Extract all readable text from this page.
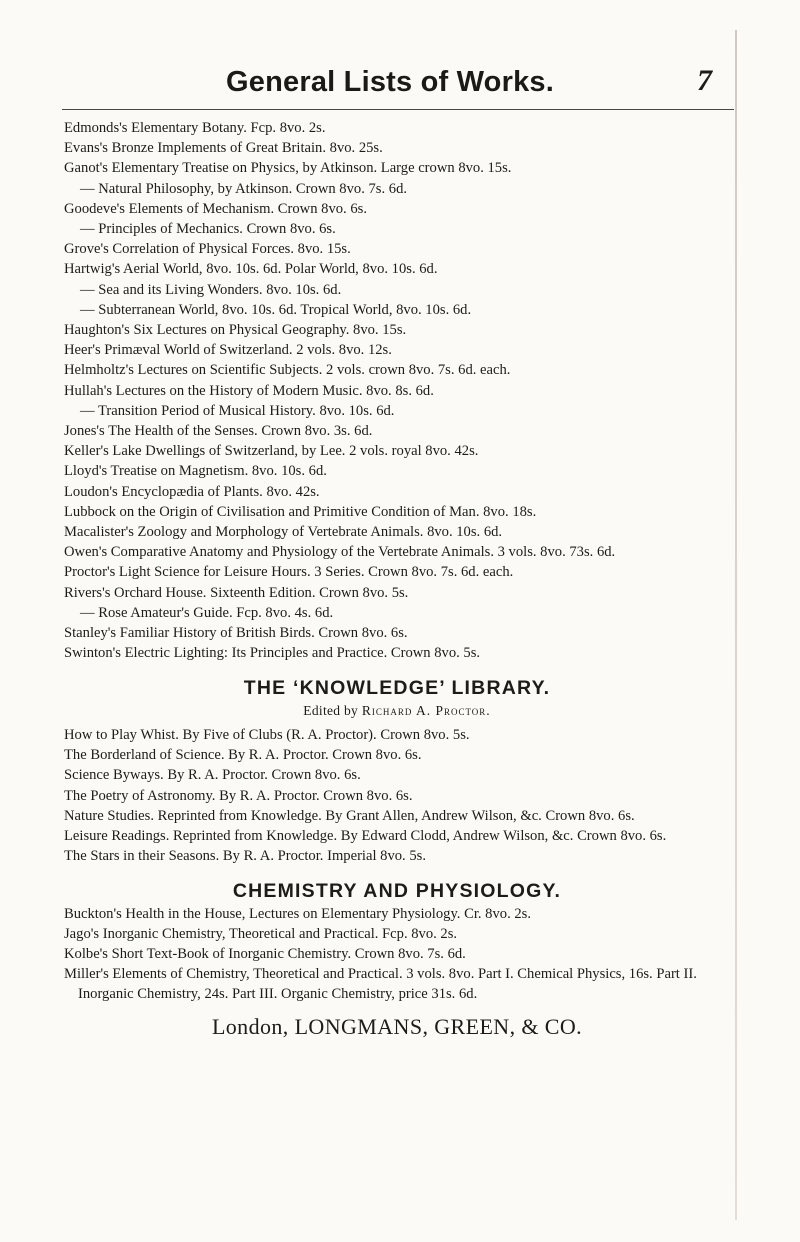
General Lists of Works.	7
Edmonds's Elementary Botany. Fcp. 8vo. 2s.
Evans's Bronze Implements of Great Britain. 8vo. 25s.
Ganot's Elementary Treatise on Physics, by Atkinson. Large crown 8vo. 15s.
— Natural Philosophy, by Atkinson. Crown 8vo. 7s. 6d.
Goodeve's Elements of Mechanism. Crown 8vo. 6s.
— Principles of Mechanics. Crown 8vo. 6s.
Grove's Correlation of Physical Forces. 8vo. 15s.
Hartwig's Aerial World, 8vo. 10s. 6d. Polar World, 8vo. 10s. 6d.
— Sea and its Living Wonders. 8vo. 10s. 6d.
— Subterranean World, 8vo. 10s. 6d. Tropical World, 8vo. 10s. 6d.
Haughton's Six Lectures on Physical Geography. 8vo. 15s.
Heer's Primæval World of Switzerland. 2 vols. 8vo. 12s.
Helmholtz's Lectures on Scientific Subjects. 2 vols. crown 8vo. 7s. 6d. each.
Hullah's Lectures on the History of Modern Music. 8vo. 8s. 6d.
— Transition Period of Musical History. 8vo. 10s. 6d.
Jones's The Health of the Senses. Crown 8vo. 3s. 6d.
Keller's Lake Dwellings of Switzerland, by Lee. 2 vols. royal 8vo. 42s.
Lloyd's Treatise on Magnetism. 8vo. 10s. 6d.
Loudon's Encyclopædia of Plants. 8vo. 42s.
Lubbock on the Origin of Civilisation and Primitive Condition of Man. 8vo. 18s.
Macalister's Zoology and Morphology of Vertebrate Animals. 8vo. 10s. 6d.
Owen's Comparative Anatomy and Physiology of the Vertebrate Animals. 3 vols. 8vo. 73s. 6d.
Proctor's Light Science for Leisure Hours. 3 Series. Crown 8vo. 7s. 6d. each.
Rivers's Orchard House. Sixteenth Edition. Crown 8vo. 5s.
— Rose Amateur's Guide. Fcp. 8vo. 4s. 6d.
Stanley's Familiar History of British Birds. Crown 8vo. 6s.
Swinton's Electric Lighting: Its Principles and Practice. Crown 8vo. 5s.
THE ‘KNOWLEDGE’ LIBRARY.
Edited by Richard A. Proctor.
How to Play Whist. By Five of Clubs (R. A. Proctor). Crown 8vo. 5s.
The Borderland of Science. By R. A. Proctor. Crown 8vo. 6s.
Science Byways. By R. A. Proctor. Crown 8vo. 6s.
The Poetry of Astronomy. By R. A. Proctor. Crown 8vo. 6s.
Nature Studies. Reprinted from Knowledge. By Grant Allen, Andrew Wilson, &c. Crown 8vo. 6s.
Leisure Readings. Reprinted from Knowledge. By Edward Clodd, Andrew Wilson, &c. Crown 8vo. 6s.
The Stars in their Seasons. By R. A. Proctor. Imperial 8vo. 5s.
CHEMISTRY AND PHYSIOLOGY.
Buckton's Health in the House, Lectures on Elementary Physiology. Cr. 8vo. 2s.
Jago's Inorganic Chemistry, Theoretical and Practical. Fcp. 8vo. 2s.
Kolbe's Short Text-Book of Inorganic Chemistry. Crown 8vo. 7s. 6d.
Miller's Elements of Chemistry, Theoretical and Practical. 3 vols. 8vo. Part I. Chemical Physics, 16s. Part II. Inorganic Chemistry, 24s. Part III. Organic Chemistry, price 31s. 6d.
London, LONGMANS, GREEN, & CO.
